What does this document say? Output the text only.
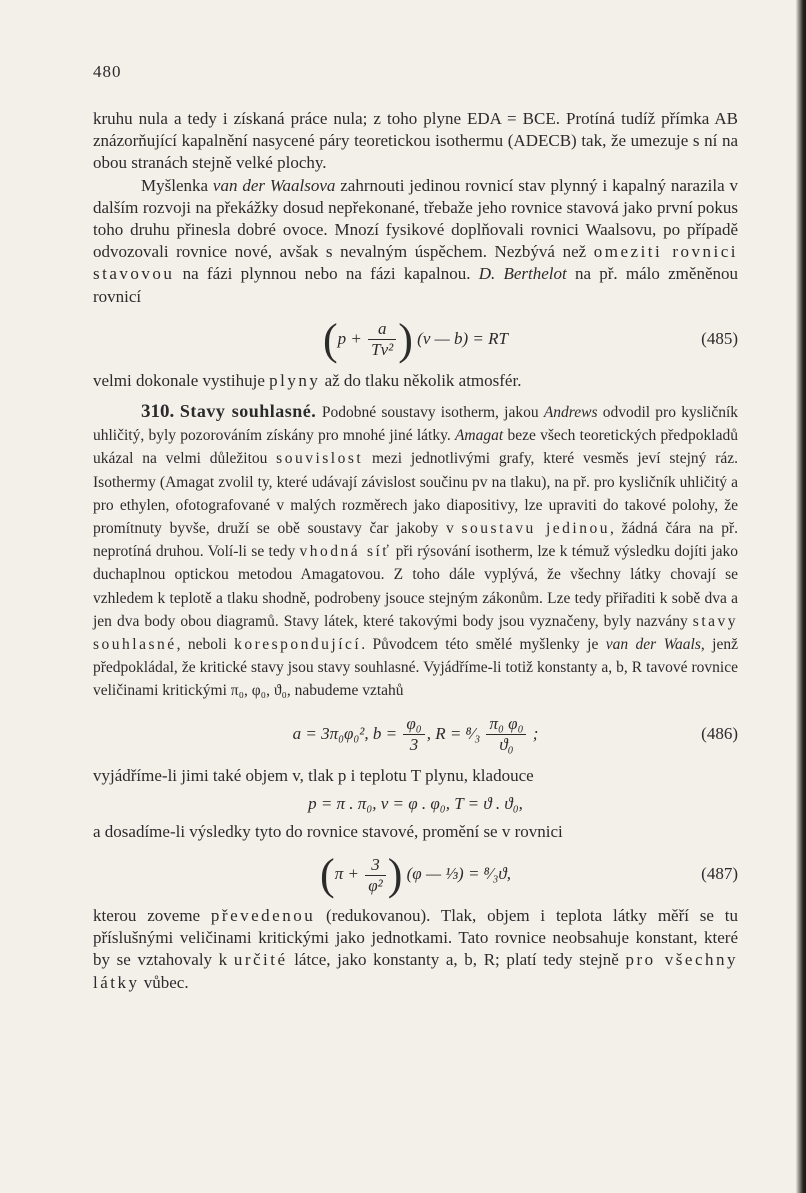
480

kruhu nula a tedy i získaná práce nula; z toho plyne EDA = BCE. Protíná tudíž přímka AB znázorňující kapalnění nasycené páry teoretickou isothermu (ADECB) tak, že umezuje s ní na obou stranách stejně velké plochy.

Myšlenka van der Waalsova zahrnouti jedinou rovnicí stav plynný i kapalný narazila v dalším rozvoji na překážky dosud nepřekonané, třebaže jeho rovnice stavová jako první pokus toho druhu přinesla dobré ovoce. Mnozí fysikové doplňovali rovnici Waalsovu, po případě odvozovali rovnice nové, avšak s nevalným úspěchem. Nezbývá než omeziti rovnici stavovou na fázi plynnou nebo na fázi kapalnou. D. Berthelot na př. málo změněnou rovnicí

($p + \frac{a}{\text{Tv²}}$ ) (v — b) = RT	(485)

velmi dokonale vystihuje plyny až do tlaku několik atmosfér.

310. Stavy souhlasné. Podobné soustavy isotherm, jakou Andrews odvodil pro kysličník uhličitý, byly pozorováním získány pro mnohé jiné látky. Amagat beze všech teoretických předpokladů ukázal na velmi důležitou souvislost mezi jednotlivými grafy, které vesměs jeví stejný ráz. Isothermy (Amagat zvolil ty, které udávají závislost součinu pv na tlaku), na př. pro kysličník uhličitý a pro ethylen, ofotografované v malých rozměrech jako diapositivy, lze upraviti do takové polohy, že promítnuty byvše, druží se obě soustavy čar jakoby v soustavu jedinou, žádná čára na př. neprotíná druhou. Volí-li se tedy vhodná síť při rýsování isotherm, lze k témuž výsledku dojíti jako duchaplnou optickou metodou Amagatovou. Z toho dále vyplývá, že všechny látky chovají se vzhledem k teplotě a tlaku shodně, podrobeny jsouce stejným zákonům. Lze tedy přiřaditi k sobě dva a jen dva body obou diagramů. Stavy látek, které takovými body jsou vyznačeny, byly nazvány stavy souhlasné, neboli korespondující. Původcem této smělé myšlenky je van der Waals, jenž předpokládal, že kritické stavy jsou stavy souhlasné. Vyjádříme-li totiž konstanty a, b, R tavové rovnice veličinami kritickými π₀, φ₀, ϑ₀, nabudeme vztahů

a = 3π₀φ₀², $b = \frac{\text{φ₀}}{3}$ , R = ⁸⁄₃ $\frac{\text{π₀ φ₀}}{\text{ϑ₀}}$ ;	(486)

vyjádříme-li jimi také objem v, tlak p i teplotu T plynu, kladouce

p = π . π₀, v = φ . φ₀, T = ϑ . ϑ₀,

a dosadíme-li výsledky tyto do rovnice stavové, promění se v rovnici

($\pi + \frac{3}{\text{φ²}}$ ) (φ — ⅓) = ⁸⁄₃ϑ,	(487)

kterou zoveme převedenou (redukovanou). Tlak, objem i teplota látky měří se tu příslušnými veličinami kritickými jako jednotkami. Tato rovnice neobsahuje konstant, které by se vztahovaly k určité látce, jako konstanty a, b, R; platí tedy stejně pro všechny látky vůbec.
